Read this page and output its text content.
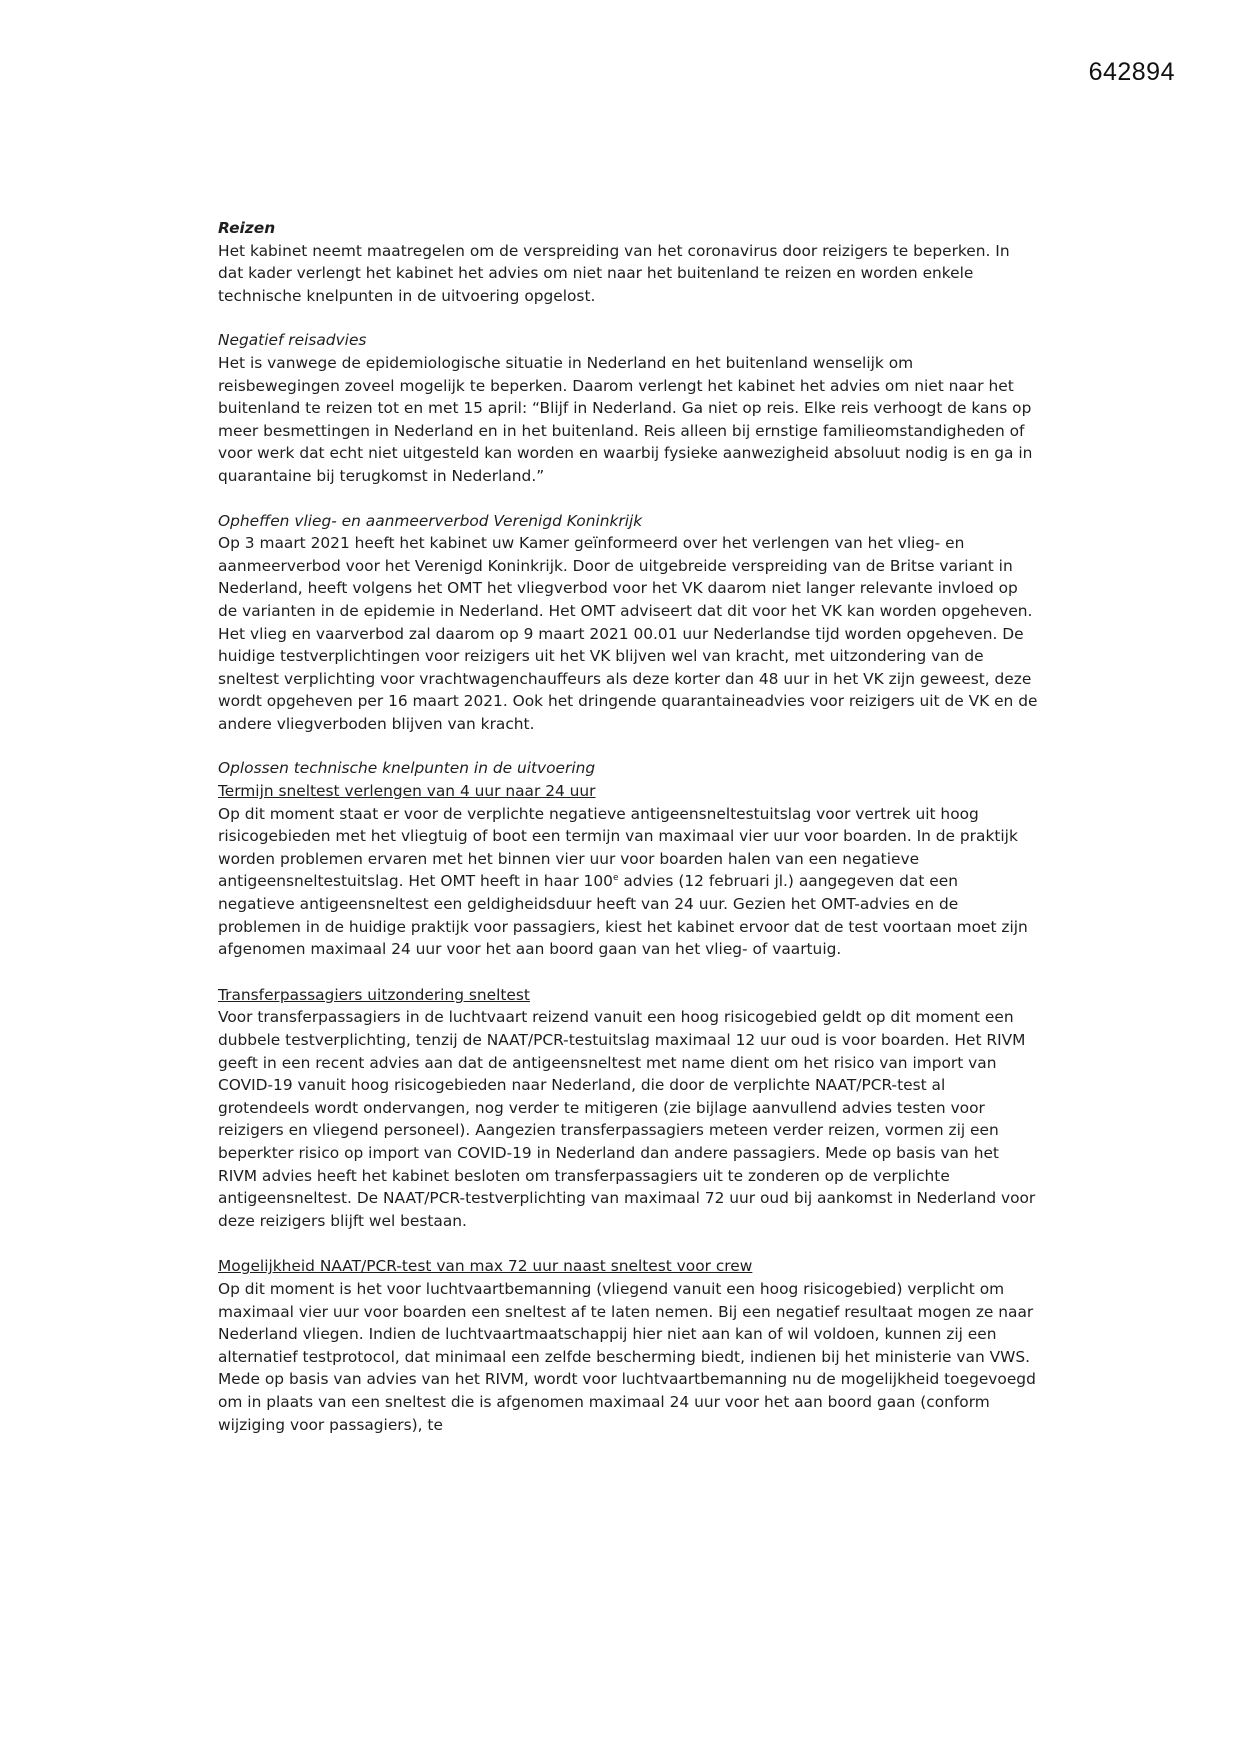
642894

Reizen

Het kabinet neemt maatregelen om de verspreiding van het coronavirus door reizigers te beperken. In dat kader verlengt het kabinet het advies om niet naar het buitenland te reizen en worden enkele technische knelpunten in de uitvoering opgelost.

Negatief reisadvies

Het is vanwege de epidemiologische situatie in Nederland en het buitenland wenselijk om reisbewegingen zoveel mogelijk te beperken. Daarom verlengt het kabinet het advies om niet naar het buitenland te reizen tot en met 15 april: “Blijf in Nederland. Ga niet op reis. Elke reis verhoogt de kans op meer besmettingen in Nederland en in het buitenland. Reis alleen bij ernstige familieomstandigheden of voor werk dat echt niet uitgesteld kan worden en waarbij fysieke aanwezigheid absoluut nodig is en ga in quarantaine bij terugkomst in Nederland.”

Opheffen vlieg- en aanmeerverbod Verenigd Koninkrijk

Op 3 maart 2021 heeft het kabinet uw Kamer geïnformeerd over het verlengen van het vlieg- en aanmeerverbod voor het Verenigd Koninkrijk. Door de uitgebreide verspreiding van de Britse variant in Nederland, heeft volgens het OMT het vliegverbod voor het VK daarom niet langer relevante invloed op de varianten in de epidemie in Nederland. Het OMT adviseert dat dit voor het VK kan worden opgeheven. Het vlieg en vaarverbod zal daarom op 9 maart 2021 00.01 uur Nederlandse tijd worden opgeheven. De huidige testverplichtingen voor reizigers uit het VK blijven wel van kracht, met uitzondering van de sneltest verplichting voor vrachtwagenchauffeurs als deze korter dan 48 uur in het VK zijn geweest, deze wordt opgeheven per 16 maart 2021. Ook het dringende quarantaineadvies voor reizigers uit de VK en de andere vliegverboden blijven van kracht.

Oplossen technische knelpunten in de uitvoering

Termijn sneltest verlengen van 4 uur naar 24 uur

Op dit moment staat er voor de verplichte negatieve antigeensneltestuitslag voor vertrek uit hoog risicogebieden met het vliegtuig of boot een termijn van maximaal vier uur voor boarden. In de praktijk worden problemen ervaren met het binnen vier uur voor boarden halen van een negatieve antigeensneltestuitslag. Het OMT heeft in haar 100e advies (12 februari jl.) aangegeven dat een negatieve antigeensneltest een geldigheidsduur heeft van 24 uur. Gezien het OMT-advies en de problemen in de huidige praktijk voor passagiers, kiest het kabinet ervoor dat de test voortaan moet zijn afgenomen maximaal 24 uur voor het aan boord gaan van het vlieg- of vaartuig.

Transferpassagiers uitzondering sneltest

Voor transferpassagiers in de luchtvaart reizend vanuit een hoog risicogebied geldt op dit moment een dubbele testverplichting, tenzij de NAAT/PCR-testuitslag maximaal 12 uur oud is voor boarden. Het RIVM geeft in een recent advies aan dat de antigeensneltest met name dient om het risico van import van COVID-19 vanuit hoog risicogebieden naar Nederland, die door de verplichte NAAT/PCR-test al grotendeels wordt ondervangen, nog verder te mitigeren (zie bijlage aanvullend advies testen voor reizigers en vliegend personeel). Aangezien transferpassagiers meteen verder reizen, vormen zij een beperkter risico op import van COVID-19 in Nederland dan andere passagiers. Mede op basis van het RIVM advies heeft het kabinet besloten om transferpassagiers uit te zonderen op de verplichte antigeensneltest. De NAAT/PCR-testverplichting van maximaal 72 uur oud bij aankomst in Nederland voor deze reizigers blijft wel bestaan.

Mogelijkheid NAAT/PCR-test van max 72 uur naast sneltest voor crew

Op dit moment is het voor luchtvaartbemanning (vliegend vanuit een hoog risicogebied) verplicht om maximaal vier uur voor boarden een sneltest af te laten nemen. Bij een negatief resultaat mogen ze naar Nederland vliegen. Indien de luchtvaartmaatschappij hier niet aan kan of wil voldoen, kunnen zij een alternatief testprotocol, dat minimaal een zelfde bescherming biedt, indienen bij het ministerie van VWS. Mede op basis van advies van het RIVM, wordt voor luchtvaartbemanning nu de mogelijkheid toegevoegd om in plaats van een sneltest die is afgenomen maximaal 24 uur voor het aan boord gaan (conform wijziging voor passagiers), te
